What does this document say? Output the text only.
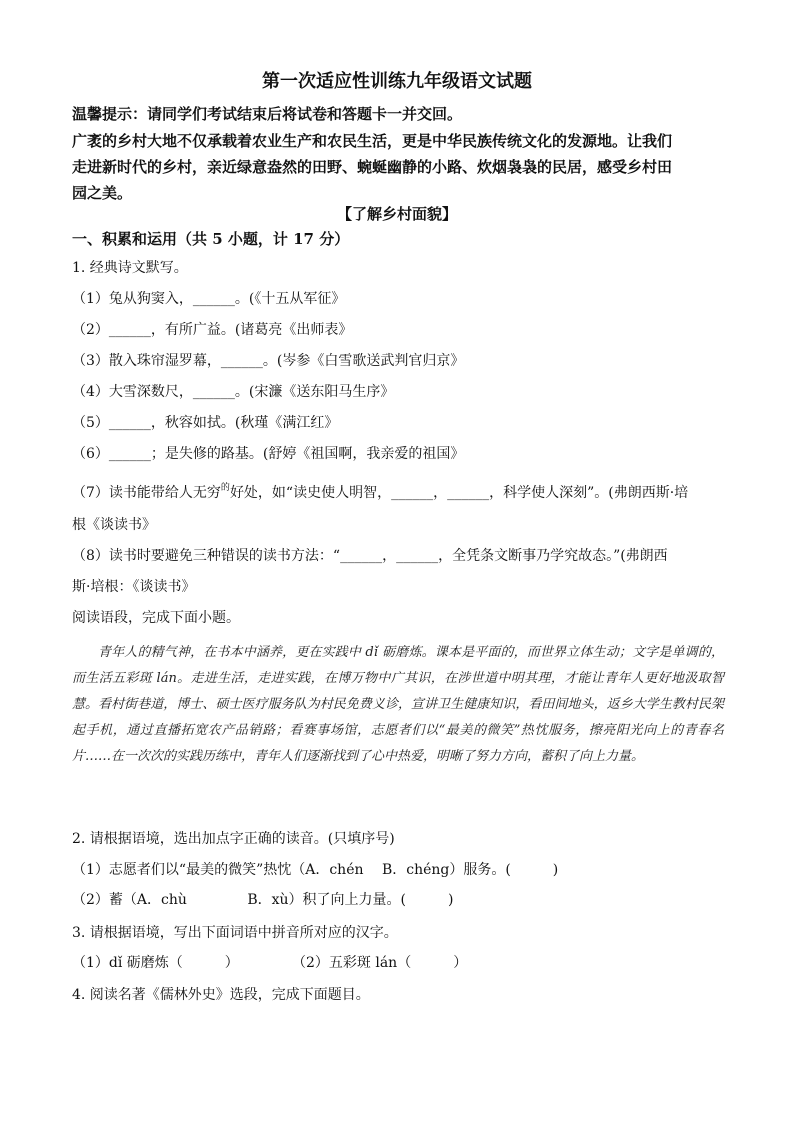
第一次适应性训练九年级语文试题
温馨提示：请同学们考试结束后将试卷和答题卡一并交回。
广袤的乡村大地不仅承载着农业生产和农民生活，更是中华民族传统文化的发源地。让我们
走进新时代的乡村，亲近绿意盎然的田野、蜿蜒幽静的小路、炊烟袅袅的民居，感受乡村田
园之美。
【了解乡村面貌】
一、积累和运用（共 5 小题，计 17 分）
1. 经典诗文默写。
（1）兔从狗窦入，______。(《十五从军征》
（2）______，有所广益。(诸葛亮《出师表》
（3）散入珠帘湿罗幕，______。(岑参《白雪歌送武判官归京》
（4）大雪深数尺，______。(宋濂《送东阳马生序》
（5）______，秋容如拭。(秋瑾《满江红》
（6）______；是失修的路基。(舒婷《祖国啊，我亲爱的祖国》
（7）读书能带给人无穷$^的$好处，如“读史使人明智，______，______，科学使人深刻”。(弗朗西斯·培
根《谈读书》
（8）读书时要避免三种错误的读书方法：“______，______，全凭条文断事乃学究故态。”(弗朗西
斯·培根：《谈读书》
阅读语段，完成下面小题。
青年人的精气神，在书本中涵养，更在实践中 dǐ 砺磨炼。课本是平面的，而世界立体生动；文字是单调的，而生活五彩斑 lán。走进生活，走进实践，在博万物中广其识，在涉世道中明其理，才能让青年人更好地汲取智慧。看村街巷道，博士、硕士医疗服务队为村民免费义诊，宣讲卫生健康知识，看田间地头，返乡大学生教村民架起手机，通过直播拓宽农产品销路；看赛事场馆，志愿者们以“最美的微笑”热忱服务，擦亮阳光向上的青春名片……在一次次的实践历练中，青年人们逐渐找到了心中热爱，明晰了努力方向，蓄积了向上力量。
2. 请根据语境，选出加点字正确的读音。(只填序号)
（1）志愿者们以“最美的微笑”热忱（A．chén　 B．chéng）服务。(　　　)
（2）蓄（A．chù　　　　 B．xù）积了向上力量。(　　　)
3. 请根据语境，写出下面词语中拼音所对应的汉字。
（1）dǐ 砺磨炼（　　　）	（2）五彩斑 lán（　　　）
4. 阅读名著《儒林外史》选段，完成下面题目。
